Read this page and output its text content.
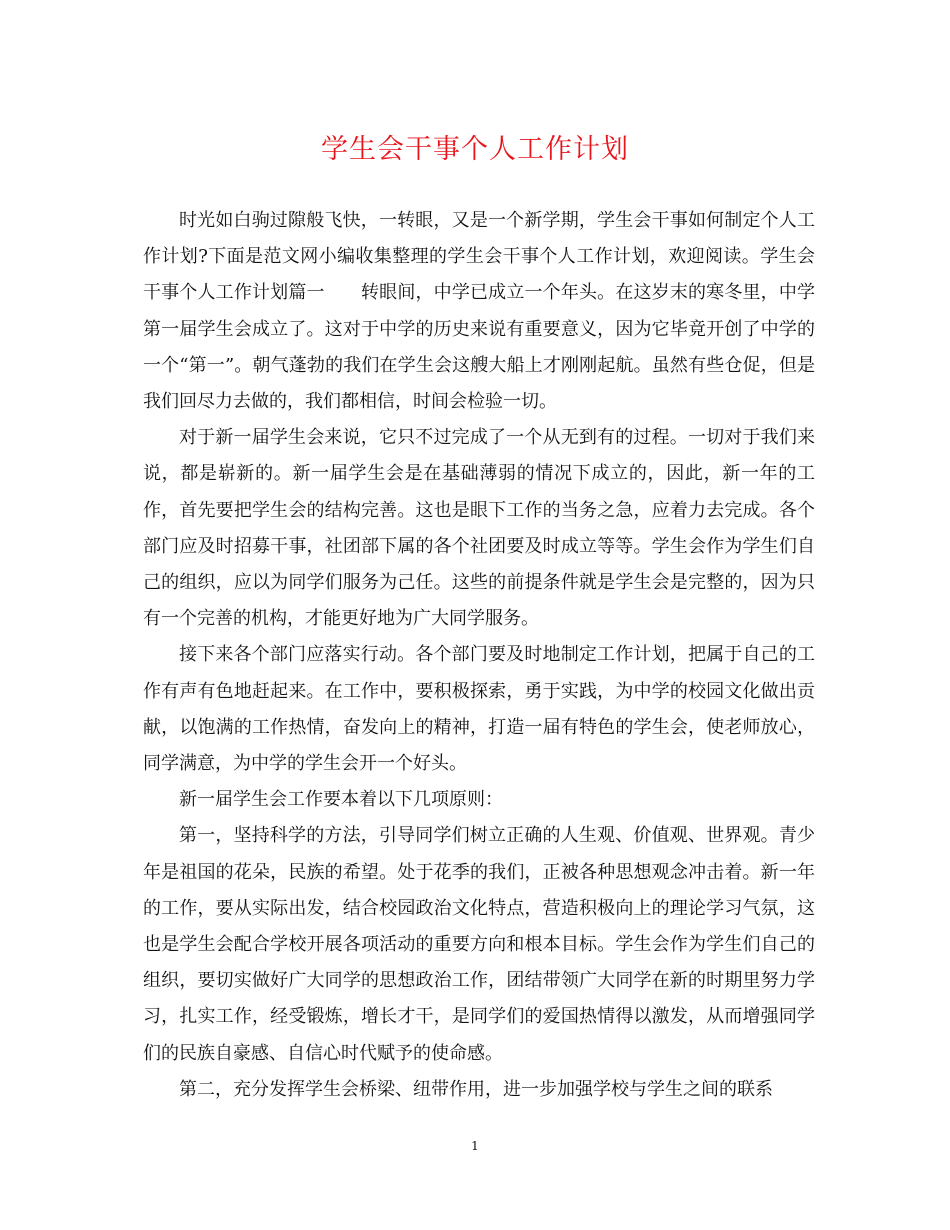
学生会干事个人工作计划

时光如白驹过隙般飞快，一转眼，又是一个新学期，学生会干事如何制定个人工作计划?下面是范文网小编收集整理的学生会干事个人工作计划，欢迎阅读。学生会干事个人工作计划篇一　　转眼间，中学已成立一个年头。在这岁末的寒冬里，中学第一届学生会成立了。这对于中学的历史来说有重要意义，因为它毕竟开创了中学的一个“第一”。朝气蓬勃的我们在学生会这艘大船上才刚刚起航。虽然有些仓促，但是我们回尽力去做的，我们都相信，时间会检验一切。

对于新一届学生会来说，它只不过完成了一个从无到有的过程。一切对于我们来说，都是崭新的。新一届学生会是在基础薄弱的情况下成立的，因此，新一年的工作，首先要把学生会的结构完善。这也是眼下工作的当务之急，应着力去完成。各个部门应及时招募干事，社团部下属的各个社团要及时成立等等。学生会作为学生们自己的组织，应以为同学们服务为己任。这些的前提条件就是学生会是完整的，因为只有一个完善的机构，才能更好地为广大同学服务。

接下来各个部门应落实行动。各个部门要及时地制定工作计划，把属于自己的工作有声有色地赶起来。在工作中，要积极探索，勇于实践，为中学的校园文化做出贡献，以饱满的工作热情，奋发向上的精神，打造一届有特色的学生会，使老师放心，同学满意，为中学的学生会开一个好头。

新一届学生会工作要本着以下几项原则：

第一，坚持科学的方法，引导同学们树立正确的人生观、价值观、世界观。青少年是祖国的花朵，民族的希望。处于花季的我们，正被各种思想观念冲击着。新一年的工作，要从实际出发，结合校园政治文化特点，营造积极向上的理论学习气氛，这也是学生会配合学校开展各项活动的重要方向和根本目标。学生会作为学生们自己的组织，要切实做好广大同学的思想政治工作，团结带领广大同学在新的时期里努力学习，扎实工作，经受锻炼，增长才干，是同学们的爱国热情得以激发，从而增强同学们的民族自豪感、自信心时代赋予的使命感。

第二，充分发挥学生会桥梁、纽带作用，进一步加强学校与学生之间的联系

1
